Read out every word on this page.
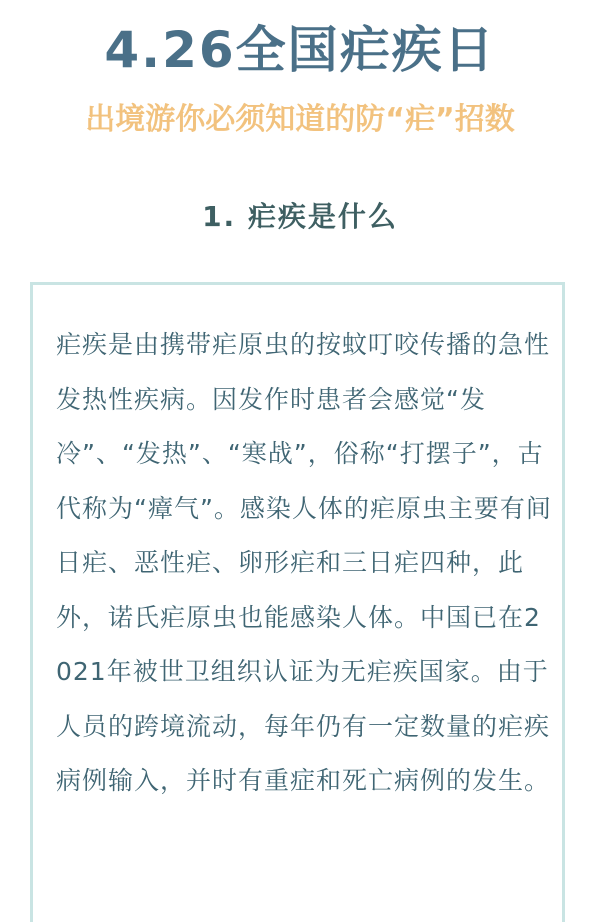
4.26全国疟疾日
出境游你必须知道的防“疟”招数
1. 疟疾是什么
疟疾是由携带疟原虫的按蚊叮咬传播的急性发热性疾病。因发作时患者会感觉“发冷”、“发热”、“寒战”，俗称“打摆子”，古代称为“瘴气”。感染人体的疟原虫主要有间日疟、恶性疟、卵形疟和三日疟四种，此外，诺氏疟原虫也能感染人体。中国已在2021年被世卫组织认证为无疟疾国家。由于人员的跨境流动，每年仍有一定数量的疟疾病例输入，并时有重症和死亡病例的发生。
